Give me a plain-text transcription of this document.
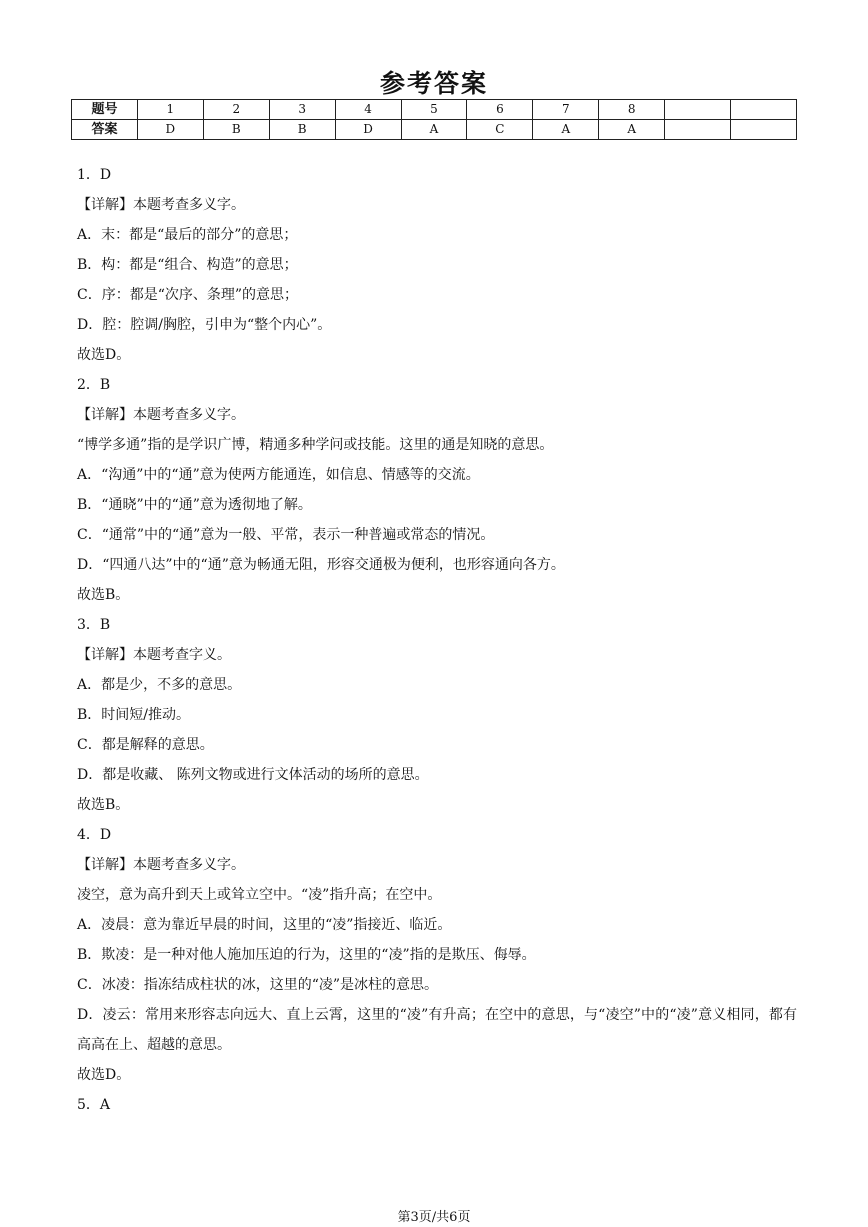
参考答案
题号	1	2	3	4	5	6	7	8		
答案	D	B	B	D	A	C	A	A		
1．D
【详解】本题考查多义字。
A．末：都是“最后的部分”的意思；
B．构：都是“组合、构造”的意思；
C．序：都是“次序、条理”的意思；
D．腔：腔调/胸腔，引申为“整个内心”。
故选D。
2．B
【详解】本题考查多义字。
“博学多通”指的是学识广博，精通多种学问或技能。这里的通是知晓的意思。
A．“沟通”中的“通”意为使两方能通连，如信息、情感等的交流。
B．“通晓”中的“通”意为透彻地了解。
C．“通常”中的“通”意为一般、平常，表示一种普遍或常态的情况。
D．“四通八达”中的“通”意为畅通无阻，形容交通极为便利，也形容通向各方。
故选B。
3．B
【详解】本题考查字义。
A．都是少，不多的意思。
B．时间短/推动。
C．都是解释的意思。
D．都是收藏、 陈列文物或进行文体活动的场所的意思。
故选B。
4．D
【详解】本题考查多义字。
凌空，意为高升到天上或耸立空中。“凌”指升高；在空中。
A．凌晨：意为靠近早晨的时间，这里的“凌”指接近、临近。
B．欺凌：是一种对他人施加压迫的行为，这里的“凌”指的是欺压、侮辱。
C．冰凌：指冻结成柱状的冰，这里的“凌”是冰柱的意思。
D．凌云：常用来形容志向远大、直上云霄，这里的“凌”有升高；在空中的意思，与“凌空”中的“凌”意义相同，都有高高在上、超越的意思。
故选D。
5．A
第3页/共6页
